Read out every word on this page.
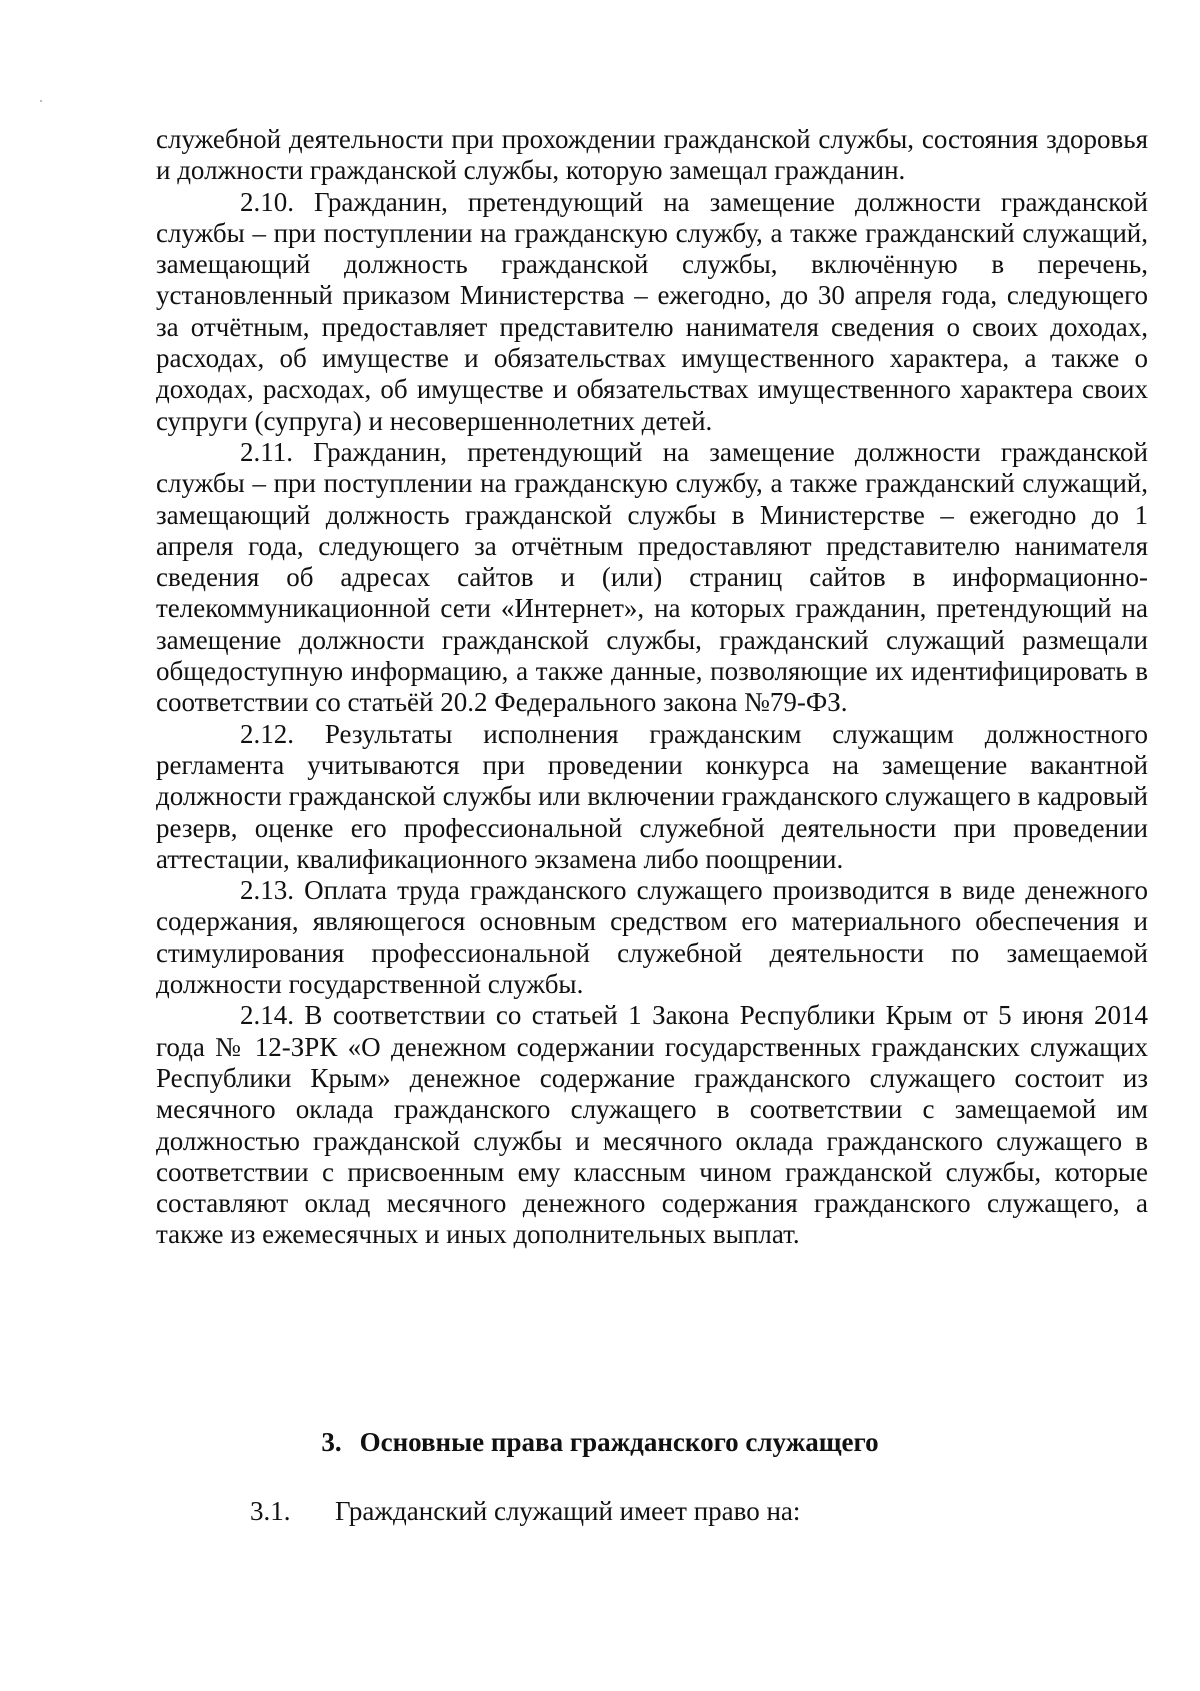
служебной деятельности при прохождении гражданской службы, состояния здоровья и должности гражданской службы, которую замещал гражданин.

2.10. Гражданин, претендующий на замещение должности гражданской службы – при поступлении на гражданскую службу, а также гражданский служащий, замещающий должность гражданской службы, включённую в перечень, установленный приказом Министерства – ежегодно, до 30 апреля года, следующего за отчётным, предоставляет представителю нанимателя сведения о своих доходах, расходах, об имуществе и обязательствах имущественного характера, а также о доходах, расходах, об имуществе и обязательствах имущественного характера своих супруги (супруга) и несовершеннолетних детей.

2.11. Гражданин, претендующий на замещение должности гражданской службы – при поступлении на гражданскую службу, а также гражданский служащий, замещающий должность гражданской службы в Министерстве – ежегодно до 1 апреля года, следующего за отчётным предоставляют представителю нанимателя сведения об адресах сайтов и (или) страниц сайтов в информационно-телекоммуникационной сети «Интернет», на которых гражданин, претендующий на замещение должности гражданской службы, гражданский служащий размещали общедоступную информацию, а также данные, позволяющие их идентифицировать в соответствии со статьёй 20.2 Федерального закона №79-ФЗ.

2.12. Результаты исполнения гражданским служащим должностного регламента учитываются при проведении конкурса на замещение вакантной должности гражданской службы или включении гражданского служащего в кадровый резерв, оценке его профессиональной служебной деятельности при проведении аттестации, квалификационного экзамена либо поощрении.

2.13. Оплата труда гражданского служащего производится в виде денежного содержания, являющегося основным средством его материального обеспечения и стимулирования профессиональной служебной деятельности по замещаемой должности государственной службы.

2.14. В соответствии со статьей 1 Закона Республики Крым от 5 июня 2014 года № 12-ЗРК «О денежном содержании государственных гражданских служащих Республики Крым» денежное содержание гражданского служащего состоит из месячного оклада гражданского служащего в соответствии с замещаемой им должностью гражданской службы и месячного оклада гражданского служащего в соответствии с присвоенным ему классным чином гражданской службы, которые составляют оклад месячного денежного содержания гражданского служащего, а также из ежемесячных и иных дополнительных выплат.

3. Основные права гражданского служащего
3.1. Гражданский служащий имеет право на:
